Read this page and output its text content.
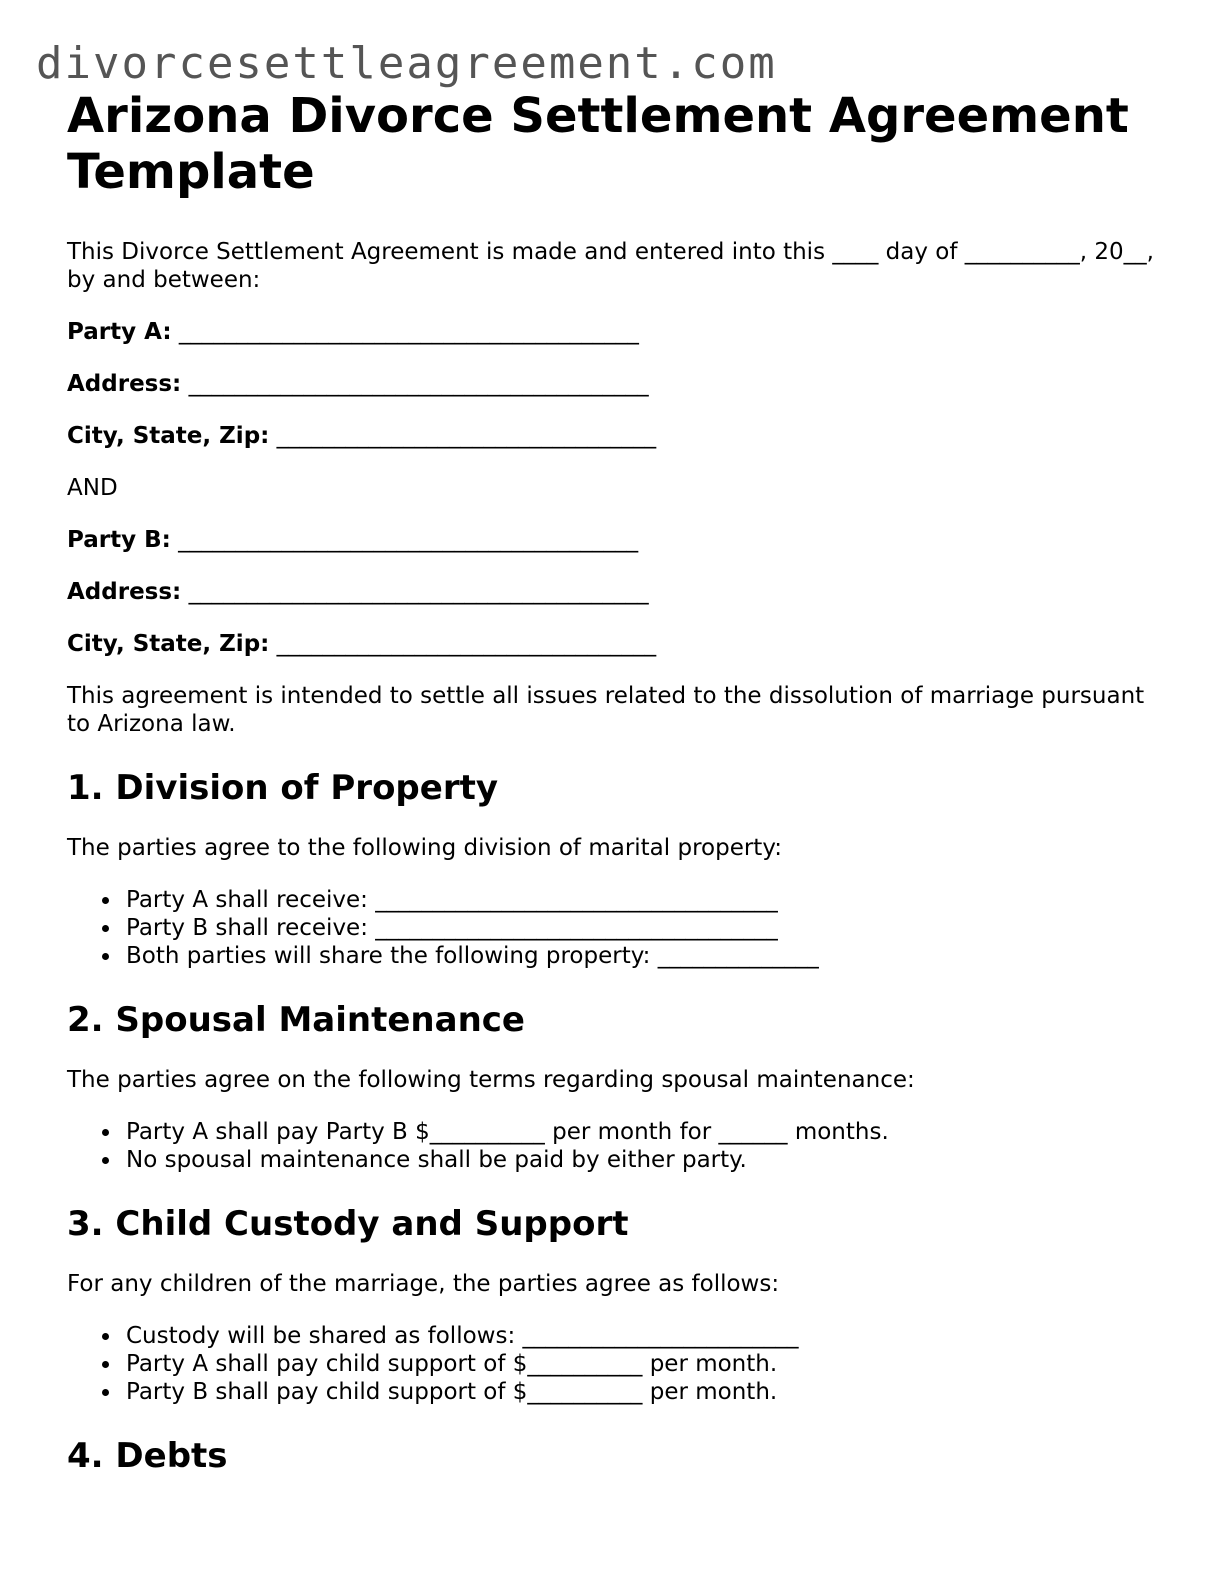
divorcesettleagreement.com
Arizona Divorce Settlement Agreement Template

This Divorce Settlement Agreement is made and entered into this ____ day of __________, 20__, by and between:

Party A: ________________________________________

Address: ________________________________________

City, State, Zip: _________________________________

AND

Party B: ________________________________________

Address: ________________________________________

City, State, Zip: _________________________________

This agreement is intended to settle all issues related to the dissolution of marriage pursuant to Arizona law.

1. Division of Property

The parties agree to the following division of marital property:

Party A shall receive: ___________________________________
Party B shall receive: ___________________________________
Both parties will share the following property: ______________
2. Spousal Maintenance

The parties agree on the following terms regarding spousal maintenance:

Party A shall pay Party B $__________ per month for ______ months.
No spousal maintenance shall be paid by either party.
3. Child Custody and Support

For any children of the marriage, the parties agree as follows:

Custody will be shared as follows: ________________________
Party A shall pay child support of $__________ per month.
Party B shall pay child support of $__________ per month.
4. Debts
